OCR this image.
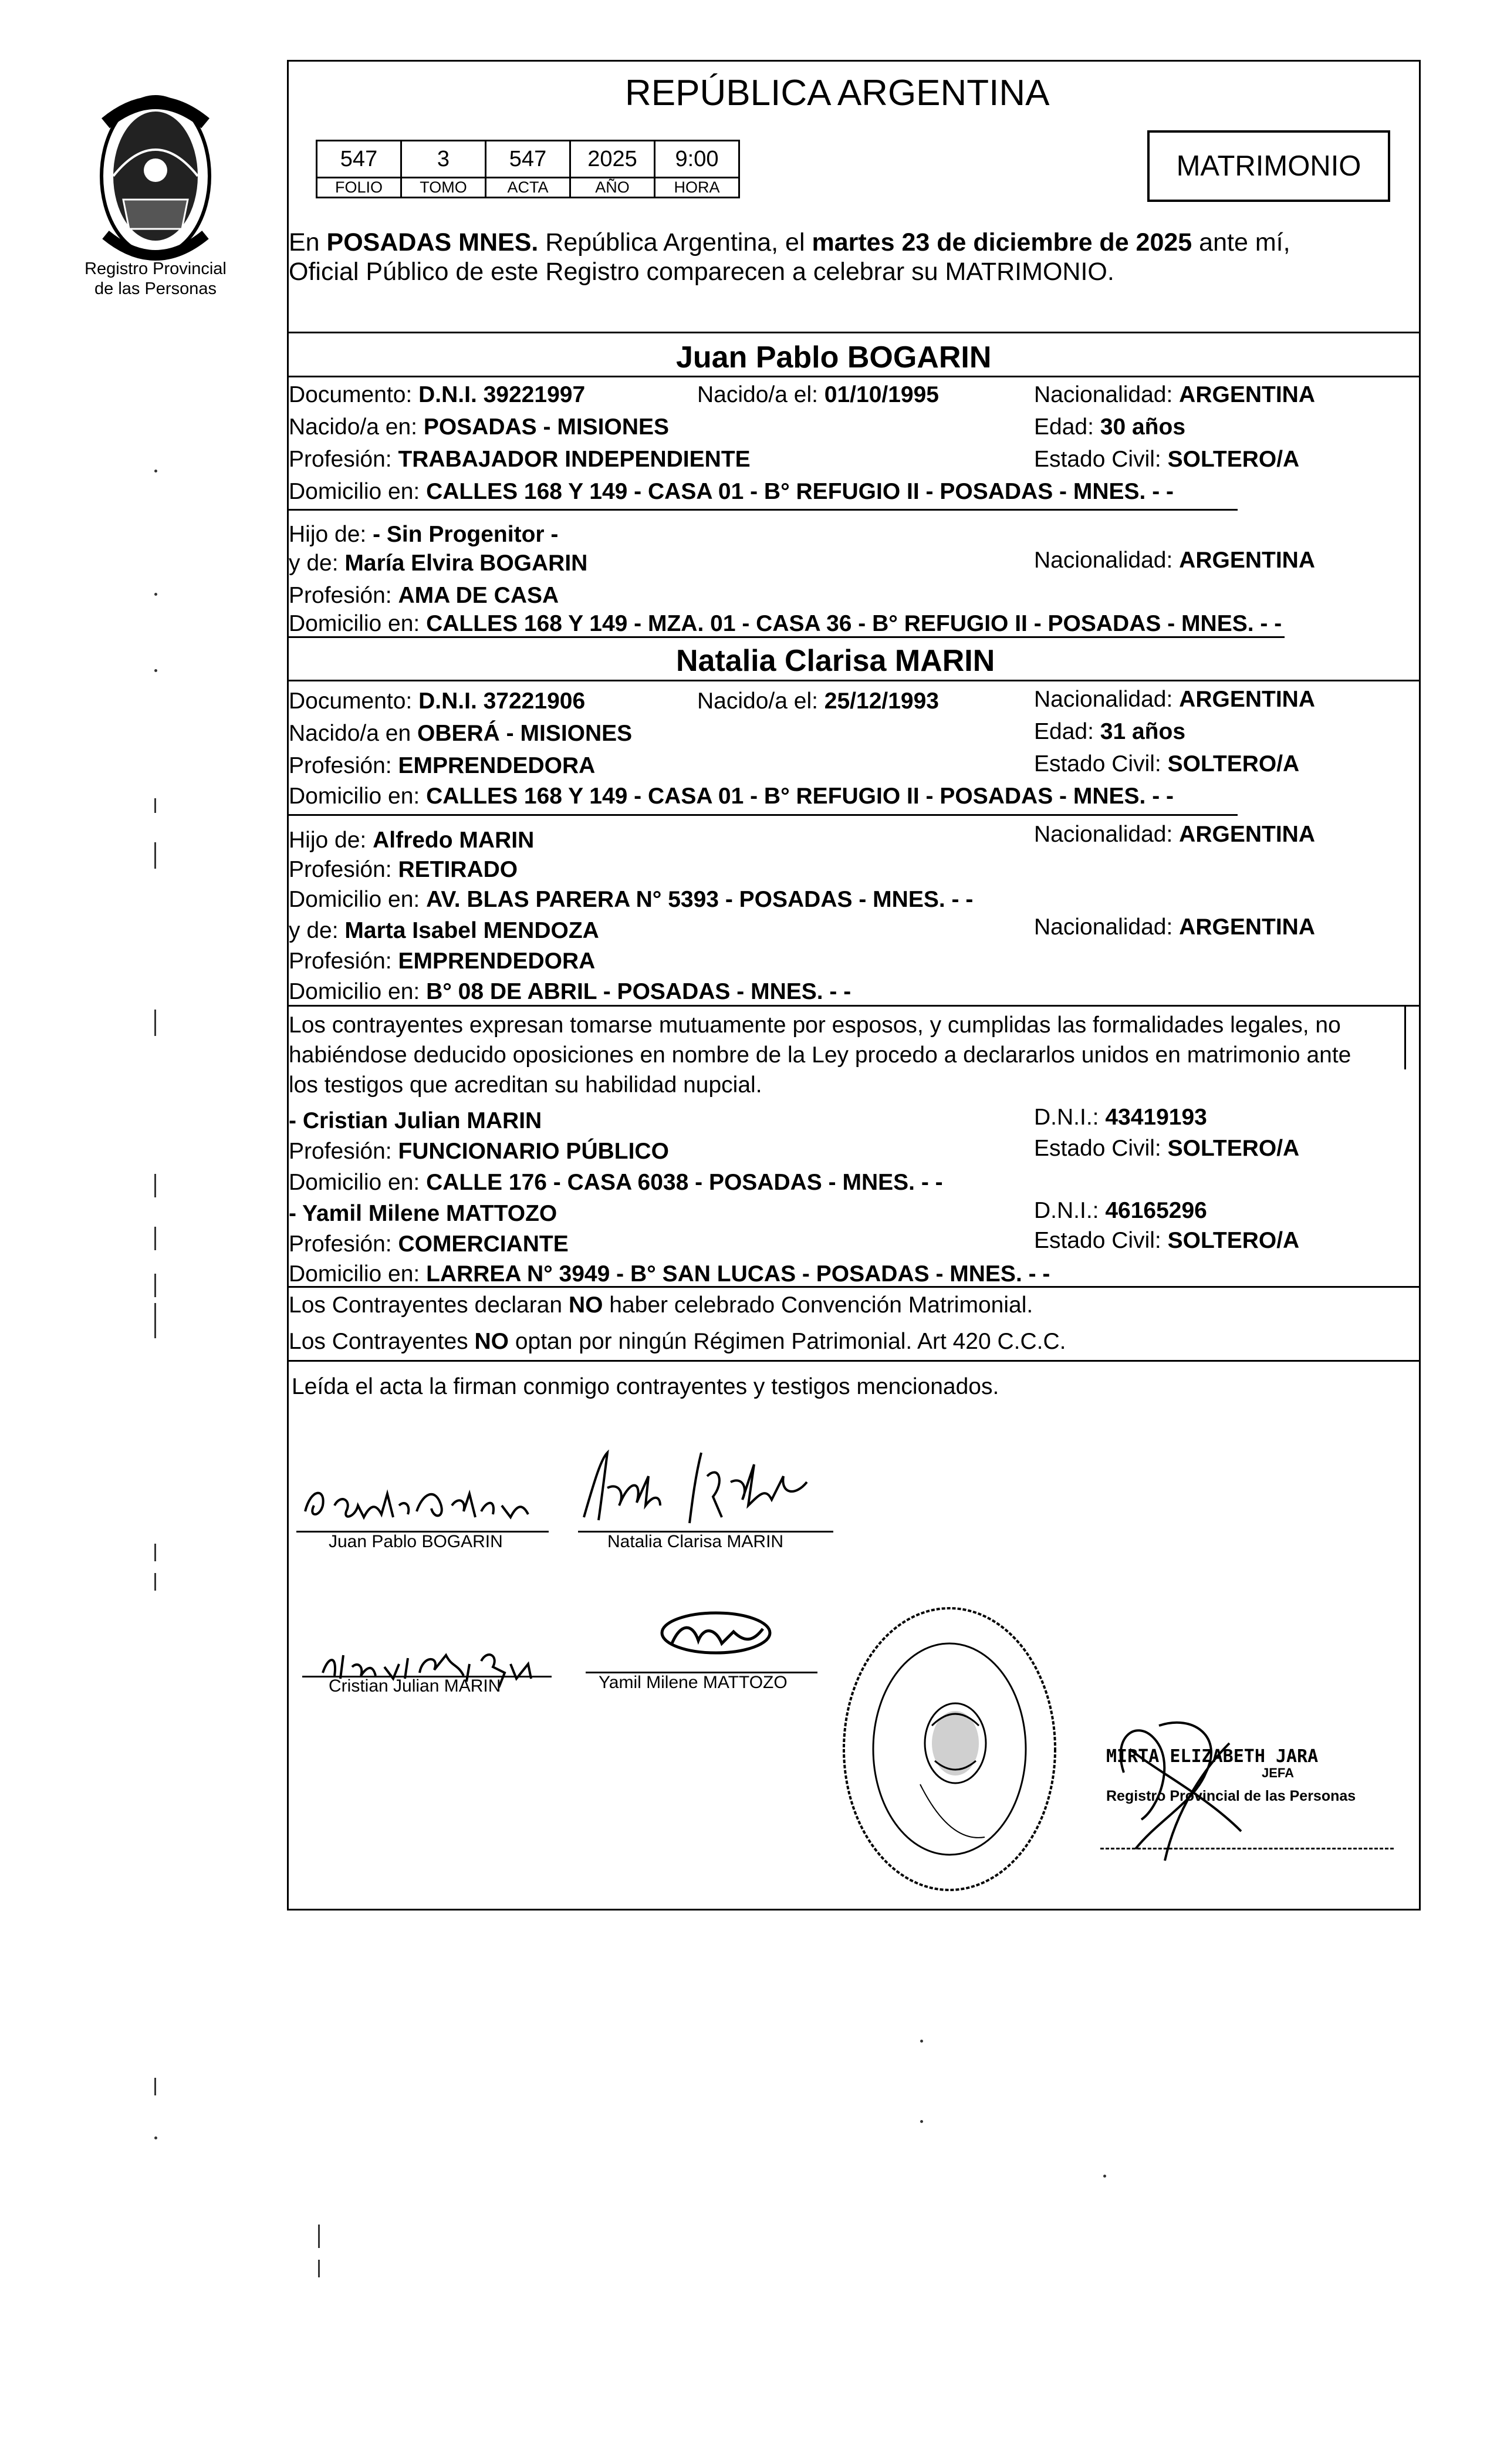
Registro Provincial
de las Personas
REPÚBLICA ARGENTINA
547	3	547	2025	9:00
FOLIO	TOMO	ACTA	AÑO	HORA
MATRIMONIO
En POSADAS MNES. República Argentina, el martes 23 de diciembre de 2025 ante mí,
Oficial Público de este Registro comparecen a celebrar su MATRIMONIO.
Juan Pablo BOGARIN
Documento: D.N.I. 39221997	Nacido/a el: 01/10/1995	Nacionalidad: ARGENTINA
Nacido/a en: POSADAS - MISIONES	Edad: 30 años
Profesión: TRABAJADOR INDEPENDIENTE	Estado Civil: SOLTERO/A
Domicilio en: CALLES 168 Y 149 - CASA 01 - B° REFUGIO II - POSADAS - MNES. - -
Hijo de: - Sin Progenitor -
y de: María Elvira BOGARIN	Nacionalidad: ARGENTINA
Profesión: AMA DE CASA
Domicilio en: CALLES 168 Y 149 - MZA. 01 - CASA 36 - B° REFUGIO II - POSADAS - MNES. - -
Natalia Clarisa MARIN
Documento: D.N.I. 37221906	Nacido/a el: 25/12/1993	Nacionalidad: ARGENTINA
Nacido/a en OBERÁ - MISIONES	Edad: 31 años
Profesión: EMPRENDEDORA	Estado Civil: SOLTERO/A
Domicilio en: CALLES 168 Y 149 - CASA 01 - B° REFUGIO II - POSADAS - MNES. - -
Hijo de: Alfredo MARIN	Nacionalidad: ARGENTINA
Profesión: RETIRADO
Domicilio en: AV. BLAS PARERA N° 5393 - POSADAS - MNES. - -
y de: Marta Isabel MENDOZA	Nacionalidad: ARGENTINA
Profesión: EMPRENDEDORA
Domicilio en: B° 08 DE ABRIL - POSADAS - MNES. - -
Los contrayentes expresan tomarse mutuamente por esposos, y cumplidas las formalidades legales, no
habiéndose deducido oposiciones en nombre de la Ley procedo a declararlos unidos en matrimonio ante
los testigos que acreditan su habilidad nupcial.
- Cristian Julian MARIN	D.N.I.: 43419193
Profesión: FUNCIONARIO PÚBLICO	Estado Civil: SOLTERO/A
Domicilio en: CALLE 176 - CASA 6038 - POSADAS - MNES. - -
- Yamil Milene MATTOZO	D.N.I.: 46165296
Profesión: COMERCIANTE	Estado Civil: SOLTERO/A
Domicilio en: LARREA N° 3949 - B° SAN LUCAS - POSADAS - MNES. - -
Los Contrayentes declaran NO haber celebrado Convención Matrimonial.
Los Contrayentes NO optan por ningún Régimen Patrimonial. Art 420 C.C.C.
Leída el acta la firman conmigo contrayentes y testigos mencionados.
Juan Pablo BOGARIN	Natalia Clarisa MARIN
Cristian Julian MARIN	Yamil Milene MATTOZO
MIRTA ELIZABETH JARA
JEFA
Registro Provincial de las Personas
